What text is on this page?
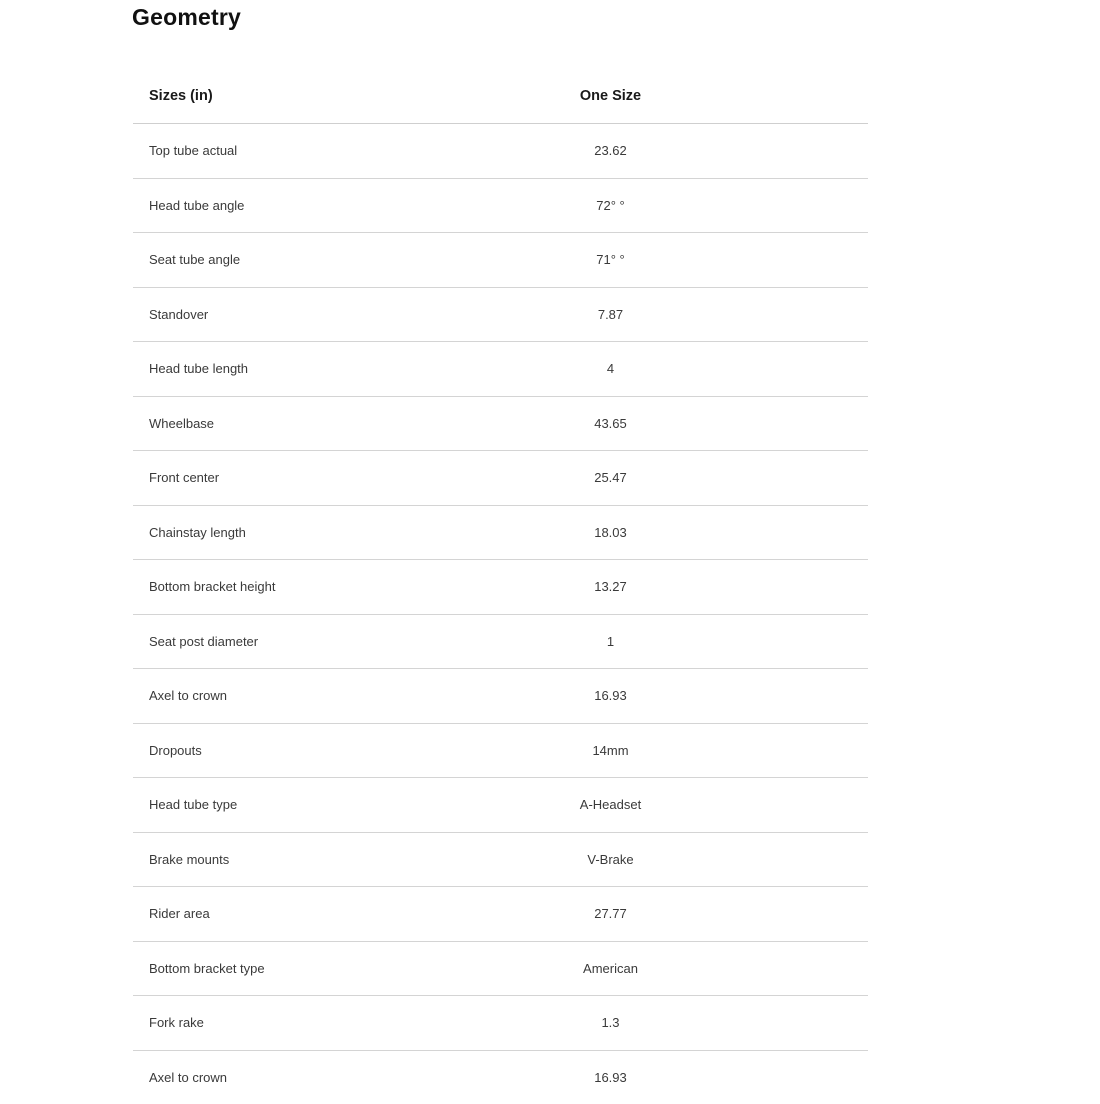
Geometry
Sizes (in)	One Size
Top tube actual	23.62
Head tube angle	72° °
Seat tube angle	71° °
Standover	7.87
Head tube length	4
Wheelbase	43.65
Front center	25.47
Chainstay length	18.03
Bottom bracket height	13.27
Seat post diameter	1
Axel to crown	16.93
Dropouts	14mm
Head tube type	A-Headset
Brake mounts	V-Brake
Rider area	27.77
Bottom bracket type	American
Fork rake	1.3
Axel to crown	16.93
